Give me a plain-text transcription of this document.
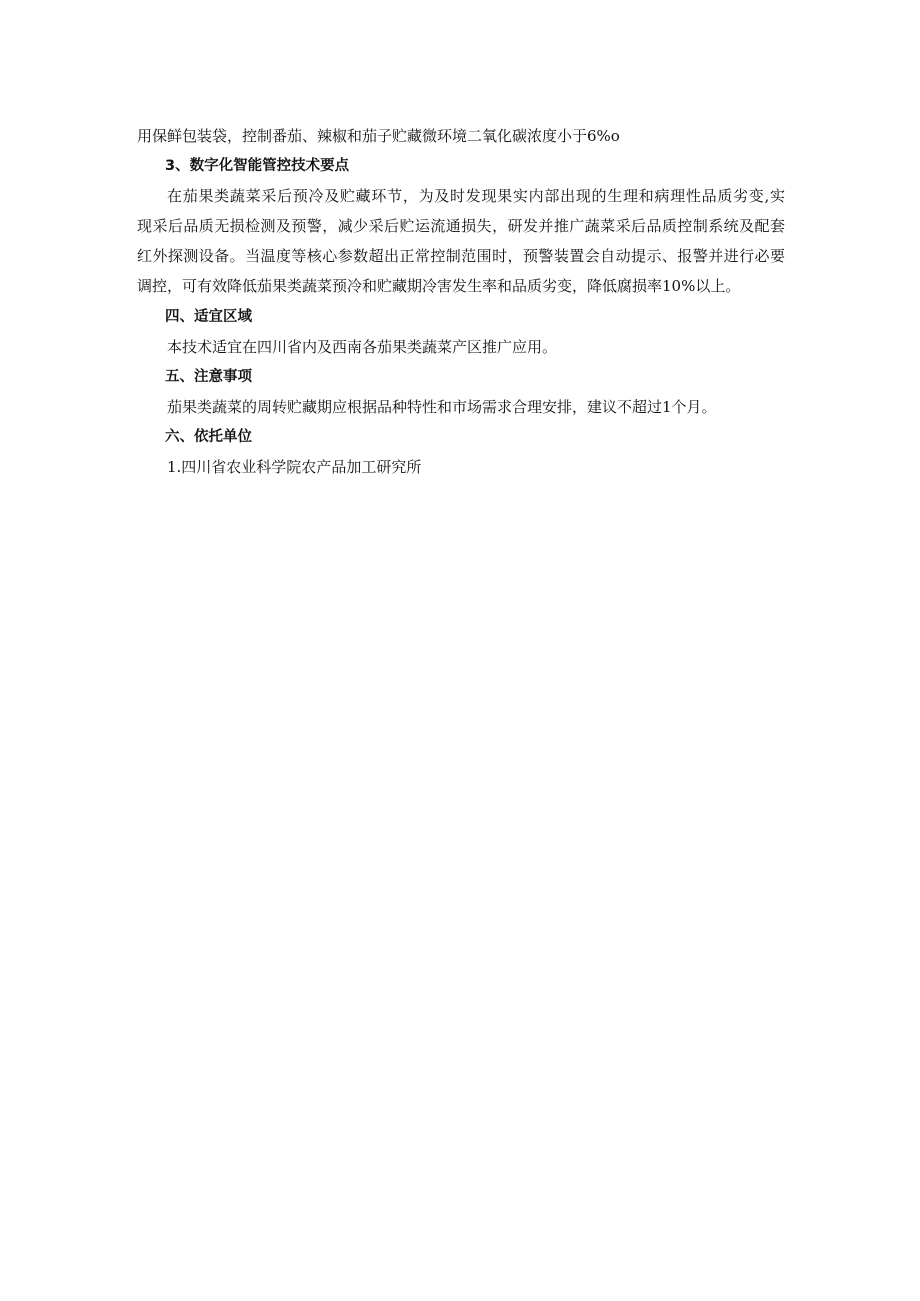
用保鲜包装袋，控制番茄、辣椒和茄子贮藏微环境二氧化碳浓度小于6%o
3、数字化智能管控技术要点
在茄果类蔬菜采后预冷及贮藏环节，为及时发现果实内部出现的生理和病理性品质劣变,实
现采后品质无损检测及预警，减少采后贮运流通损失，研发并推广蔬菜采后品质控制系统及配套
红外探测设备。当温度等核心参数超出正常控制范围时，预警装置会自动提示、报警并进行必要
调控，可有效降低茄果类蔬菜预冷和贮藏期冷害发生率和品质劣变，降低腐损率10%以上。
四、适宜区域
本技术适宜在四川省内及西南各茄果类蔬菜产区推广应用。
五、注意事项
茄果类蔬菜的周转贮藏期应根据品种特性和市场需求合理安排，建议不超过1个月。
六、依托单位
1.四川省农业科学院农产品加工研究所
